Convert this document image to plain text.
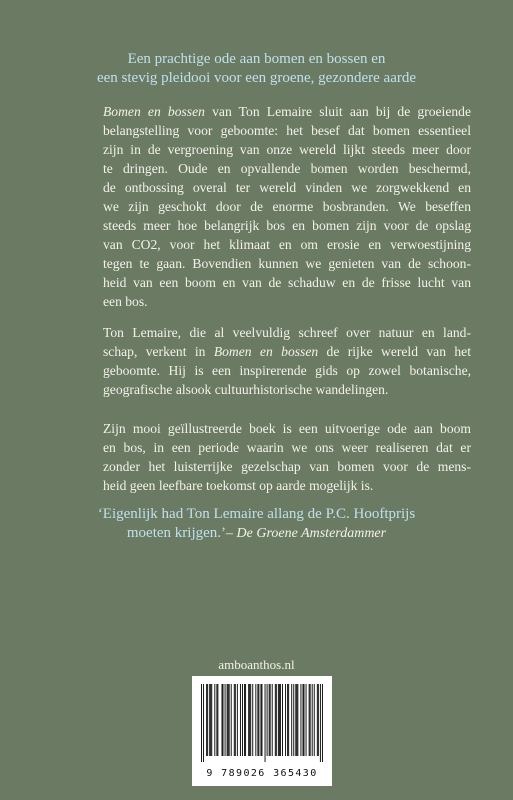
Een prachtige ode aan bomen en bossen en
een stevig pleidooi voor een groene, gezondere aarde
Bomen en bossen van Ton Lemaire sluit aan bij de groeiende
belangstelling voor geboomte: het besef dat bomen essentieel
zijn in de vergroening van onze wereld lijkt steeds meer door
te dringen. Oude en opvallende bomen worden beschermd,
de ontbossing overal ter wereld vinden we zorgwekkend en
we zijn geschokt door de enorme bosbranden. We beseffen
steeds meer hoe belangrijk bos en bomen zijn voor de opslag
van CO2, voor het klimaat en om erosie en verwoestijning
tegen te gaan. Bovendien kunnen we genieten van de schoon-
heid van een boom en van de schaduw en de frisse lucht van
een bos.
Ton Lemaire, die al veelvuldig schreef over natuur en land-
schap, verkent in Bomen en bossen de rijke wereld van het
geboomte. Hij is een inspirerende gids op zowel botanische,
geografische alsook cultuurhistorische wandelingen.
Zijn mooi geïllustreerde boek is een uitvoerige ode aan boom
en bos, in een periode waarin we ons weer realiseren dat er
zonder het luisterrijke gezelschap van bomen voor de mens-
heid geen leefbare toekomst op aarde mogelijk is.
‘Eigenlijk had Ton Lemaire allang de P.C. Hooftprijs
moeten krijgen.’– De Groene Amsterdammer
amboanthos.nl
9 789026 365430
